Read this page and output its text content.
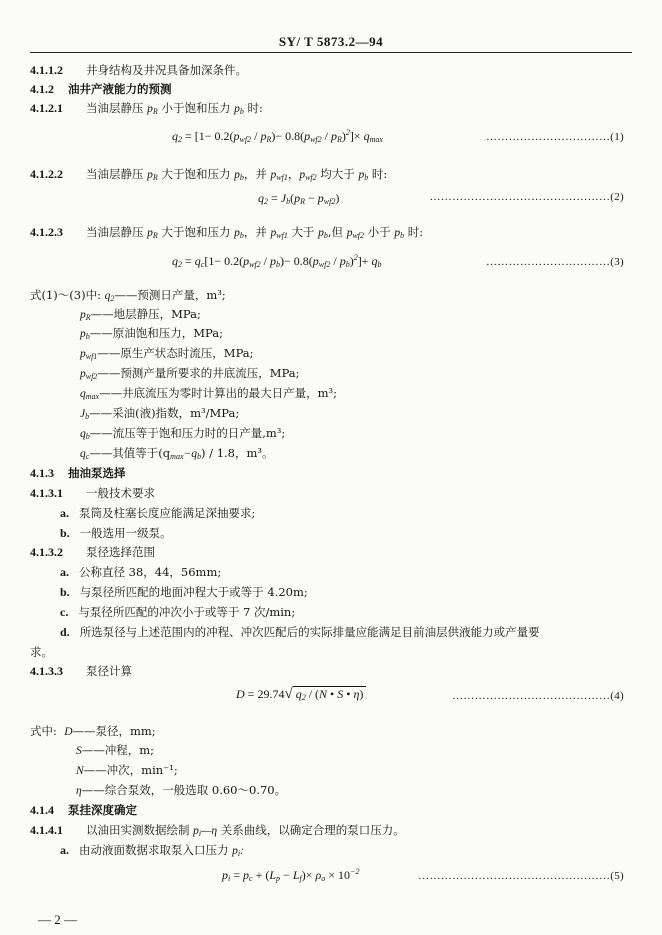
SY/ T 5873.2—94
4.1.1.2 井身结构及井况具备加深条件。
4.1.2 油井产液能力的预测
4.1.2.1 当油层静压 $p_R$ 小于饱和压力 $p_b$ 时:
$q_2 = [1- 0.2(p_{wf2} / p_R)- 0.8(p_{wf2} / p_R)^2]\times q_{max}$	……………………………(1)
4.1.2.2 当油层静压 $p_R$ 大于饱和压力 $p_b$，并 $p_{wf1}$，$p_{wf2}$ 均大于 $p_b$ 时:
$q_2 = J_b(p_R - p_{wf2})$	…………………………………………(2)
4.1.2.3 当油层静压 $p_R$ 大于饱和压力 $p_b$，并 $p_{wf1}$ 大于 $p_b$,但 $p_{wf2}$ 小于 $p_b$ 时:
$q_2 = q_c[1- 0.2(p_{wf2} / p_b)- 0.8(p_{wf2} / p_b)^2]+ q_b$	……………………………(3)
式(1)～(3)中: $q_2——$预测日产量，m³;
$p_R——$地层静压，MPa;
$p_b——$原油饱和压力，MPa;
$p_{wf1}——$原生产状态时流压，MPa;
$p_{wf2}——$预测产量所要求的井底流压，MPa;
$q_{max}——$井底流压为零时计算出的最大日产量，m³;
$J_b——$采油(液)指数，m³/MPa;
$q_b——$流压等于饱和压力时的日产量,m³;
$q_c——$其值等于$(q_{max}-q_b) / 1.8$，m³。
4.1.3 抽油泵选择
4.1.3.1 一般技术要求
a. 泵筒及柱塞长度应能满足深抽要求;
b. 一般选用一级泵。
4.1.3.2 泵径选择范围
a. 公称直径 38，44，56mm;
b. 与泵径所匹配的地面冲程大于或等于 4.20m;
c. 与泵径所匹配的冲次小于或等于 7 次/min;
d. 所选泵径与上述范围内的冲程、冲次匹配后的实际排量应能满足目前油层供液能力或产量要
求。
4.1.3.3 泵径计算
D = 29.74√ $q_2 / (N$ • S • η)	……………………………………(4)
式中: D——泵径，mm;
S——冲程，m;
N——冲次，min⁻¹;
η——综合泵效，一般选取 0.60～0.70。
4.1.4 泵挂深度确定
4.1.4.1 以油田实测数据绘制 $p_i—\eta$ 关系曲线，以确定合理的泵口压力。
a. 由动液面数据求取泵入口压力 $p_i$:
$p_i = p_c + (L_p - L_f)\times \rho_o \times 10^{-2}$	……………………………………………(5)
— 2 —
